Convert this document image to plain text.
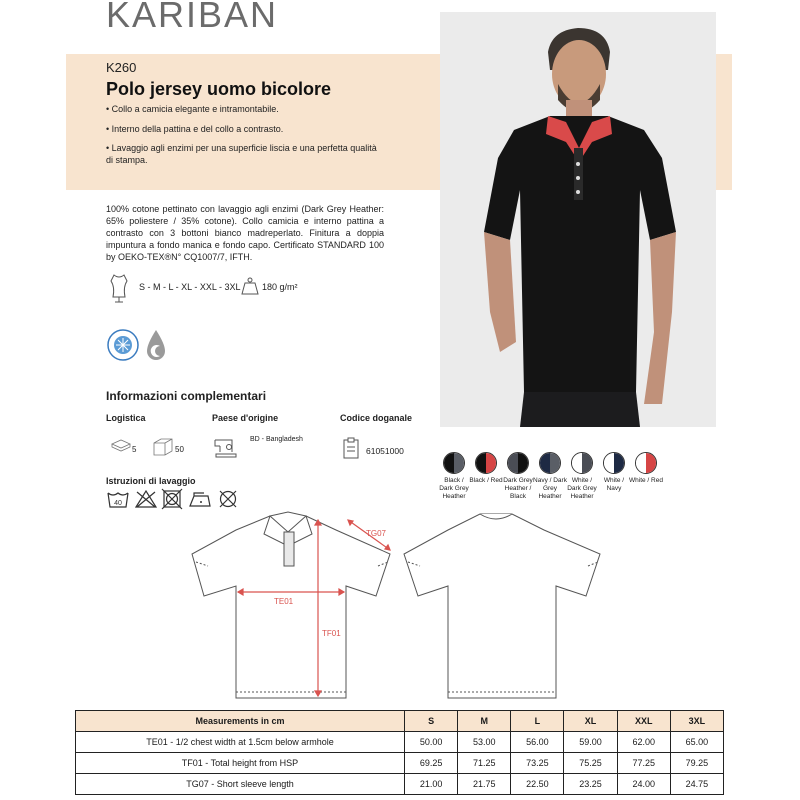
KARIBAN
K260
Polo jersey uomo bicolore
• Collo a camicia elegante e intramontabile.
• Interno della pattina e del collo a contrasto.
• Lavaggio agli enzimi per una superficie liscia e una perfetta qualità di stampa.
100% cotone pettinato con lavaggio agli enzimi (Dark Grey Heather: 65% poliestere / 35% cotone). Collo camicia e interno pattina a contrasto con 3 bottoni bianco madreperlato. Finitura a doppia impuntura a fondo manica e fondo capo. Certificato STANDARD 100 by OEKO-TEX®N° CQ1007/7, IFTH.
S - M - L - XL - XXL - 3XL 180 g/m²
Informazioni complementari
Logistica	Paese d'origine	Codice doganale
5	50
BD - Bangladesh
61051000
Istruzioni di lavaggio
40
Black / Dark Grey Heather
Black / Red Dark Grey Heather / Black
Navy / Dark Grey Heather
White / Dark Grey Heather
White / Navy
White / Red
TE01
TF01
TG07
Measurements in cm	S	M	L	XL	XXL	3XL
TE01 - 1/2 chest width at 1.5cm below armhole	50.00	53.00	56.00	59.00	62.00	65.00
TF01 - Total height from HSP	69.25	71.25	73.25	75.25	77.25	79.25
TG07 - Short sleeve length	21.00	21.75	22.50	23.25	24.00	24.75
